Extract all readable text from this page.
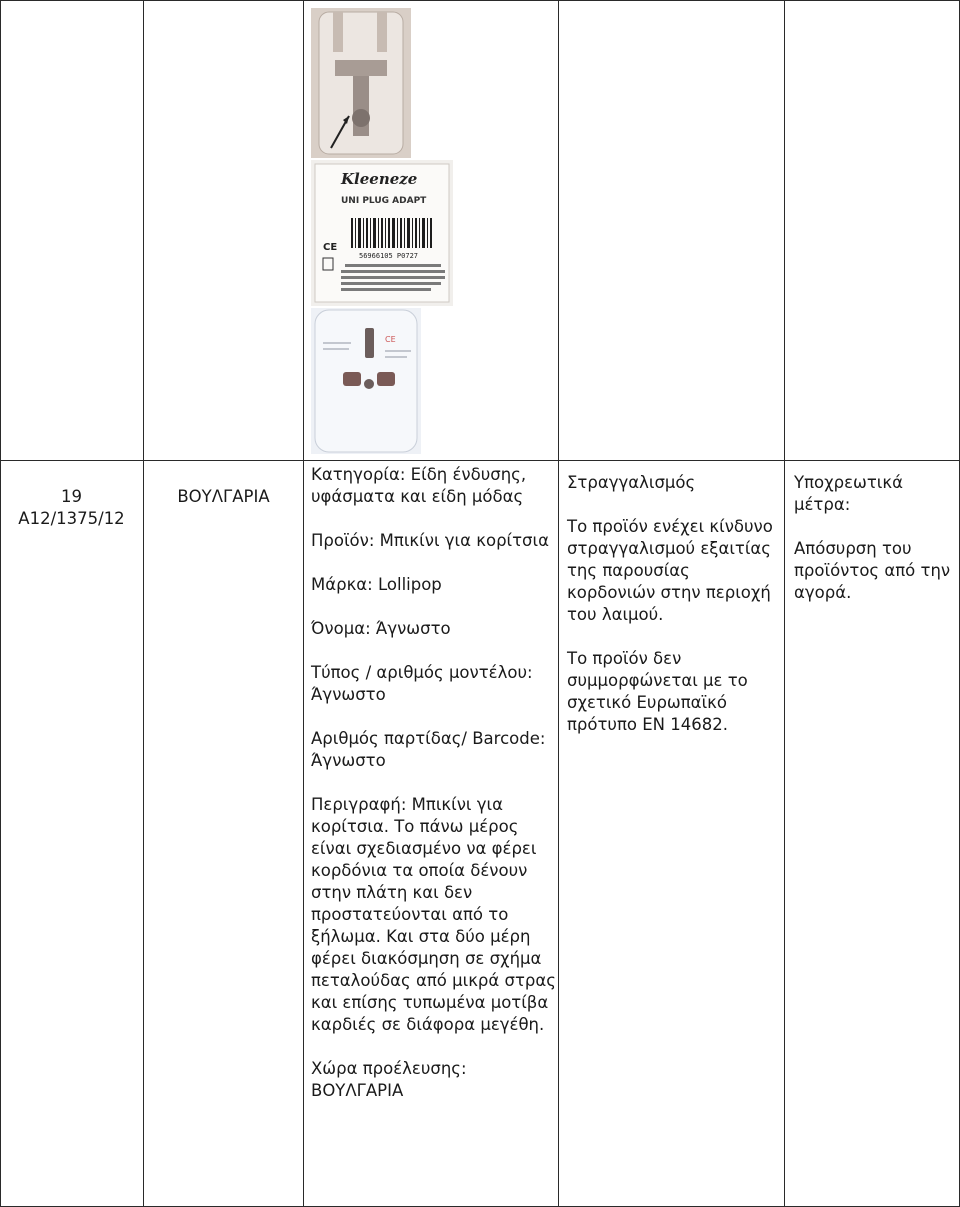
Kleeneze
UNI PLUG ADAPT
56966105 P0727
CE
CE
19
A12/1375/12
ΒΟΥΛΓΑΡΙΑ
Κατηγορία: Είδη ένδυσης, υφάσματα και είδη μόδας
Προϊόν: Μπικίνι για κορίτσια
Μάρκα: Lollipop
Όνομα: Άγνωστο
Τύπος / αριθμός μοντέλου: Άγνωστο
Αριθμός παρτίδας/ Barcode: Άγνωστο
Περιγραφή: Μπικίνι για κορίτσια. Το πάνω μέρος είναι σχεδιασμένο να φέρει κορδόνια τα οποία δένουν στην πλάτη και δεν προστατεύονται από το ξήλωμα. Και στα δύο μέρη φέρει διακόσμηση σε σχήμα πεταλούδας από μικρά στρας και επίσης τυπωμένα μοτίβα καρδιές σε διάφορα μεγέθη.
Χώρα προέλευσης: ΒΟΥΛΓΑΡΙΑ
Στραγγαλισμός
Το προϊόν ενέχει κίνδυνο στραγγαλισμού εξαιτίας της παρουσίας κορδονιών στην περιοχή του λαιμού.
Το προϊόν δεν συμμορφώνεται με το σχετικό Ευρωπαϊκό πρότυπο EN 14682.
Υποχρεωτικά μέτρα:
Απόσυρση του προϊόντος από την αγορά.
